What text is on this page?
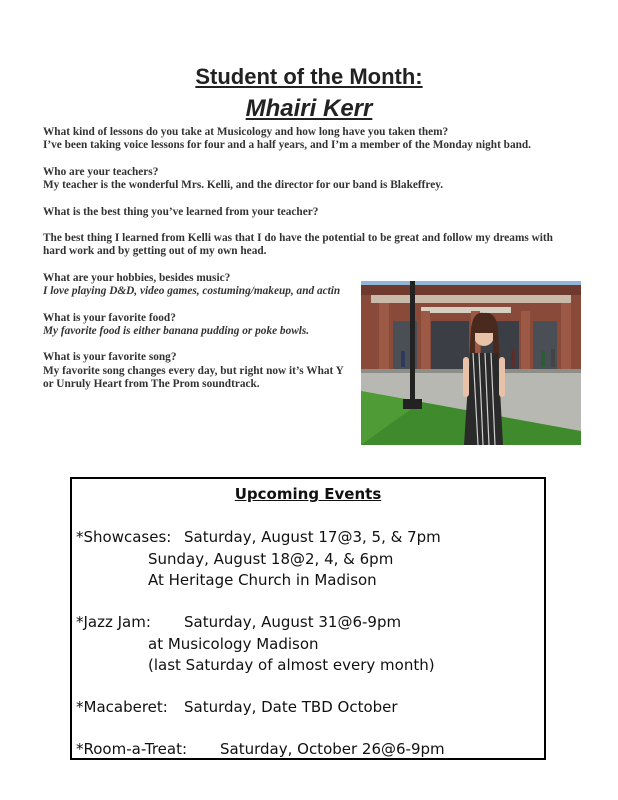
Student of the Month:
Mhairi Kerr

What kind of lessons do you take at Musicology and how long have you taken them?

I’ve been taking voice lessons for four and a half years, and I’m a member of the Monday night band.

Who are your teachers?

My teacher is the wonderful Mrs. Kelli, and the director for our band is Blakeffrey.

What is the best thing you’ve learned from your teacher?

The best thing I learned from Kelli was that I do have the potential to be great and follow my dreams with hard work and by getting out of my own head.

What are your hobbies, besides music?

I love playing D&D, video games, costuming/makeup, and actin

What is your favorite food?

My favorite food is either banana pudding or poke bowls.

What is your favorite song?

My favorite song changes every day, but right now it’s What Y

or Unruly Heart from The Prom soundtrack.

Upcoming Events
*Showcases: Saturday, August 17@3, 5, & 7pm
Sunday, August 18@2, 4, & 6pm
At Heritage Church in Madison
*Jazz Jam: Saturday, August 31@6-9pm
at Musicology Madison
(last Saturday of almost every month)
*Macaberet: Saturday, Date TBD October
*Room-a-Treat: Saturday, October 26@6-9pm
